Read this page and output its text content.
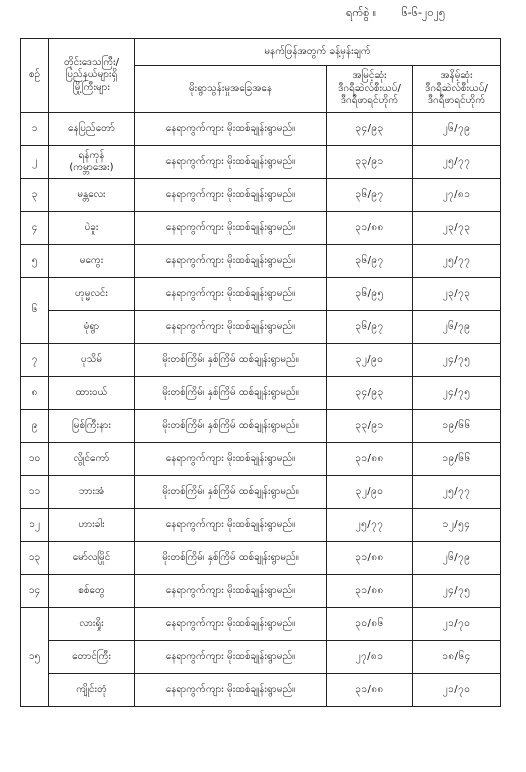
ရက်စွဲ ။ ၆-၆-၂၀၂၅
စဉ်	တိုင်းဒေသကြီး/
ပြည်နယ်များရှိ
မြို့ကြီးများ	မနက်ဖြန်အတွက် ခန့်မှန်းချက်		
		မိုးရွာသွန်းမှုအခြေအနေ	အမြင့်ဆုံး
ဒီဂရီဆဲလ်စီးယပ်/
ဒီဂရီဖာရင်ဟိုက်	အနိမ့်ဆုံး
ဒီဂရီဆဲလ်စီးယပ်/
ဒီဂရီဖာရင်ဟိုက်
၁	နေပြည်တော်	နေရာကွက်ကျား မိုးထစ်ချုန်းရွာမည်။	၃၄/၉၃	၂၆/၇၉
၂	ရန်ကုန်
(ကမ္ဘာအေး)	နေရာကွက်ကျား မိုးထစ်ချုန်းရွာမည်။	၃၃/၉၁	၂၅/၇၇
၃	မန္တလေး	နေရာကွက်ကျား မိုးထစ်ချုန်းရွာမည်။	၃၆/၉၇	၂၇/၈၁
၄	ပဲခူး	နေရာကွက်ကျား မိုးထစ်ချုန်းရွာမည်။	၃၁/၈၈	၂၃/၇၃
၅	မကွေး	နေရာကွက်ကျား မိုးထစ်ချုန်းရွာမည်။	၃၆/၉၇	၂၅/၇၇
၆	ဟုမ္မလင်း	နေရာကွက်ကျား မိုးထစ်ချုန်းရွာမည်။	၃၆/၉၅	၂၃/၇၃
	မုံရွာ	နေရာကွက်ကျား မိုးထစ်ချုန်းရွာမည်။	၃၆/၉၇	၂၆/၇၉
၇	ပုသိမ်	မိုးတစ်ကြိမ်၊ နှစ်ကြိမ် ထစ်ချုန်းရွာမည်။	၃၂/၉၀	၂၄/၇၅
၈	ထားဝယ်	မိုးတစ်ကြိမ်၊ နှစ်ကြိမ် ထစ်ချုန်းရွာမည်။	၃၄/၉၃	၂၄/၇၅
၉	မြစ်ကြီးနား	မိုးတစ်ကြိမ်၊ နှစ်ကြိမ် ထစ်ချုန်းရွာမည်။	၃၃/၉၁	၁၉/၆၆
၁၀	လွိုင်ကော်	နေရာကွက်ကျား မိုးထစ်ချုန်းရွာမည်။	၃၁/၈၈	၁၉/၆၆
၁၁	ဘားအံ	မိုးတစ်ကြိမ်၊ နှစ်ကြိမ် ထစ်ချုန်းရွာမည်။	၃၂/၉၀	၂၅/၇၇
၁၂	ဟားခါး	နေရာကွက်ကျား မိုးထစ်ချုန်းရွာမည်။	၂၅/၇၇	၁၂/၅၄
၁၃	မော်လမြိုင်	မိုးတစ်ကြိမ်၊ နှစ်ကြိမ် ထစ်ချုန်းရွာမည်။	၃၁/၈၈	၂၆/၇၉
၁၄	စစ်တွေ	နေရာကွက်ကျား မိုးထစ်ချုန်းရွာမည်။	၃၁/၈၈	၂၄/၇၅
၁၅	လားရှိုး	နေရာကွက်ကျား မိုးထစ်ချုန်းရွာမည်။	၃၀/၈၆	၂၁/၇၀
	တောင်ကြီး	နေရာကွက်ကျား မိုးထစ်ချုန်းရွာမည်။	၂၇/၈၁	၁၈/၆၄
	ကျိုင်းတုံ	နေရာကွက်ကျား မိုးထစ်ချုန်းရွာမည်။	၃၁/၈၈	၂၁/၇၀
